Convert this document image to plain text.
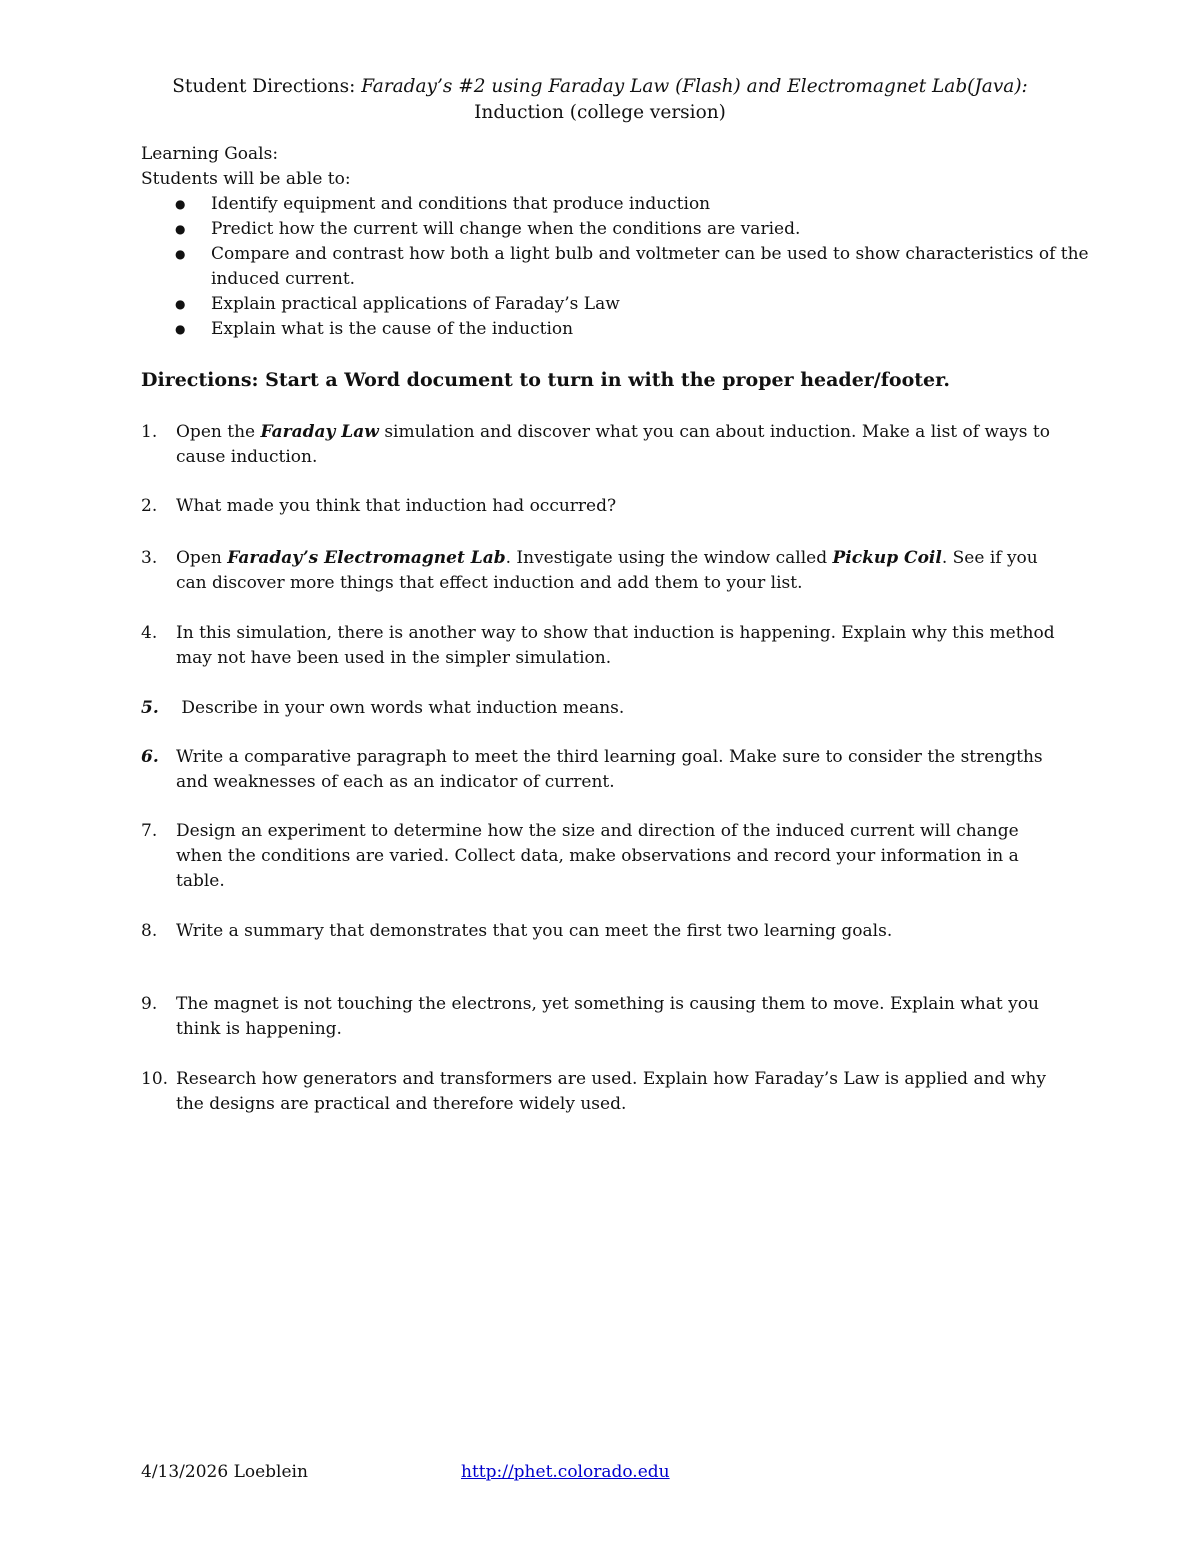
Student Directions: Faraday’s #2 using Faraday Law (Flash) and Electromagnet Lab(Java):
Induction (college version)
Learning Goals:
Students will be able to:
● Identify equipment and conditions that produce induction
● Predict how the current will change when the conditions are varied.
● Compare and contrast how both a light bulb and voltmeter can be used to show characteristics of the induced current.
● Explain practical applications of Faraday’s Law
● Explain what is the cause of the induction
Directions: Start a Word document to turn in with the proper header/footer.
1.	Open the Faraday Law simulation and discover what you can about induction. Make a list of ways to cause induction.
2.	What made you think that induction had occurred?
3.	Open Faraday’s Electromagnet Lab. Investigate using the window called Pickup Coil. See if you can discover more things that effect induction and add them to your list.
4.	In this simulation, there is another way to show that induction is happening. Explain why this method may not have been used in the simpler simulation.
5.	Describe in your own words what induction means.
6.	Write a comparative paragraph to meet the third learning goal. Make sure to consider the strengths and weaknesses of each as an indicator of current.
7.	Design an experiment to determine how the size and direction of the induced current will change when the conditions are varied. Collect data, make observations and record your information in a table.
8.	Write a summary that demonstrates that you can meet the first two learning goals.
9.	The magnet is not touching the electrons, yet something is causing them to move. Explain what you think is happening.
10. Research how generators and transformers are used. Explain how Faraday’s Law is applied and why the designs are practical and therefore widely used.
4/13/2026 Loeblein	http://phet.colorado.edu
